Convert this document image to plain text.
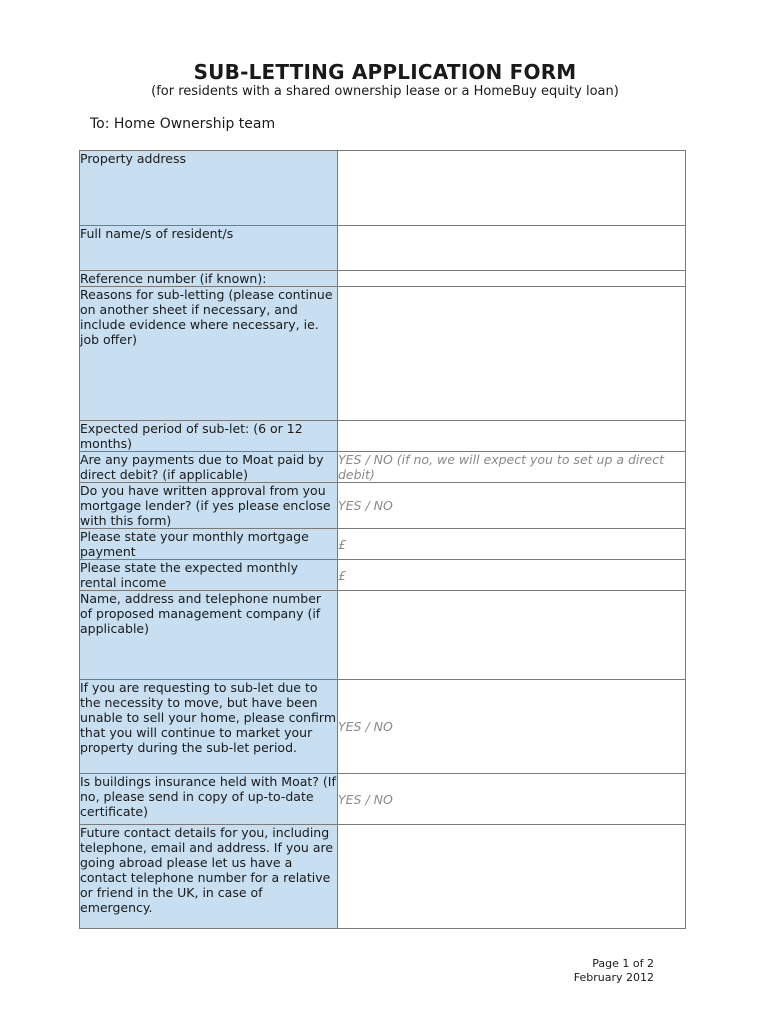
SUB-LETTING APPLICATION FORM
(for residents with a shared ownership lease or a HomeBuy equity loan)
To: Home Ownership team
Property address	

Full name/s of resident/s	

Reference number (if known):	

Reasons for sub-letting (please continue on another sheet if necessary, and include evidence where necessary, ie. job offer)	

Expected period of sub-let: (6 or 12 months)	

Are any payments due to Moat paid by direct debit? (if applicable)	YES / NO (if no, we will expect you to set up a direct debit)

Do you have written approval from you mortgage lender? (if yes please enclose with this form)	YES / NO

Please state your monthly mortgage payment	£

Please state the expected monthly rental income	£

Name, address and telephone number of proposed management company (if applicable)	

If you are requesting to sub-let due to the necessity to move, but have been unable to sell your home, please confirm that you will continue to market your property during the sub-let period.	YES / NO

Is buildings insurance held with Moat? (If no, please send in copy of up-to-date certificate)	YES / NO

Future contact details for you, including telephone, email and address. If you are going abroad please let us have a contact telephone number for a relative or friend in the UK, in case of emergency.	

Page 1 of 2
February 2012
